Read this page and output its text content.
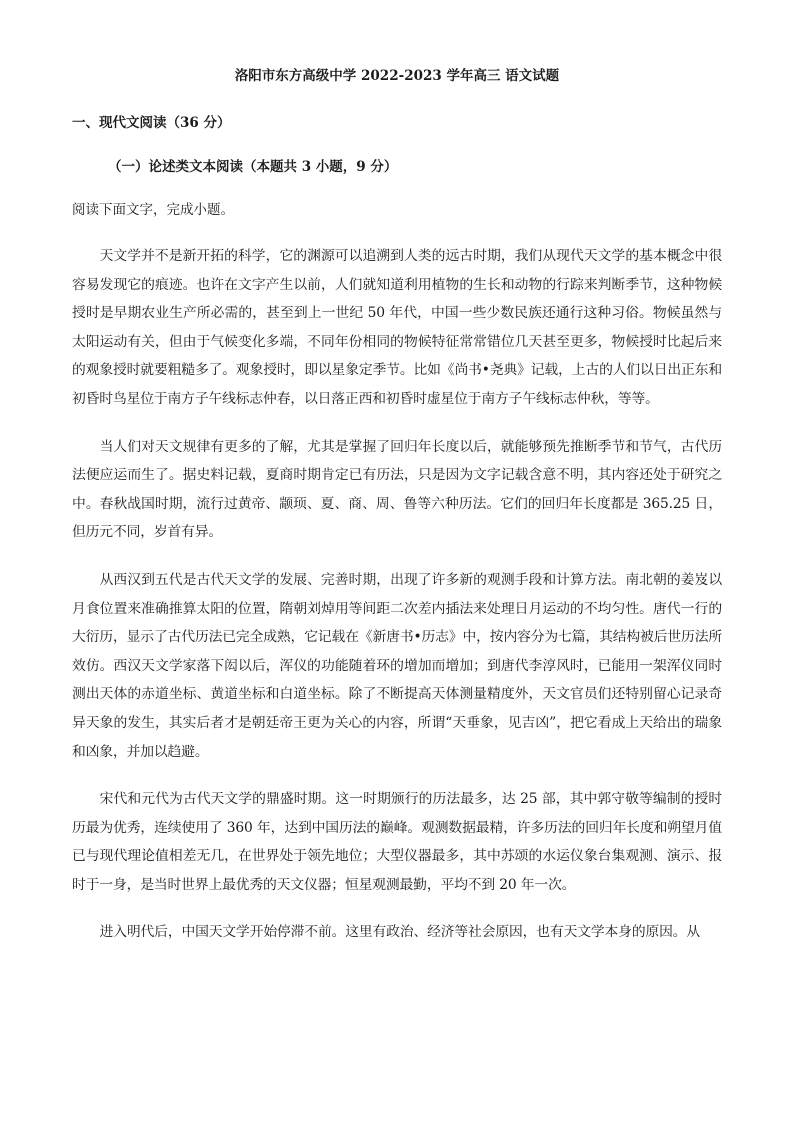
洛阳市东方高级中学 2022-2023 学年高三 语文试题
一、现代文阅读（36 分）
（一）论述类文本阅读（本题共 3 小题，9 分）
阅读下面文字，完成小题。

天文学并不是新开拓的科学，它的渊源可以追溯到人类的远古时期，我们从现代天文学的基本概念中很容易发现它的痕迹。也许在文字产生以前，人们就知道利用植物的生长和动物的行踪来判断季节，这种物候授时是早期农业生产所必需的，甚至到上一世纪 50 年代，中国一些少数民族还通行这种习俗。物候虽然与太阳运动有关，但由于气候变化多端，不同年份相同的物候特征常常错位几天甚至更多，物候授时比起后来的观象授时就要粗糙多了。观象授时，即以星象定季节。比如《尚书•尧典》记载，上古的人们以日出正东和初昏时鸟星位于南方子午线标志仲春，以日落正西和初昏时虚星位于南方子午线标志仲秋，等等。

当人们对天文规律有更多的了解，尤其是掌握了回归年长度以后，就能够预先推断季节和节气，古代历法便应运而生了。据史料记载，夏商时期肯定已有历法，只是因为文字记载含意不明，其内容还处于研究之中。春秋战国时期，流行过黄帝、颛顼、夏、商、周、鲁等六种历法。它们的回归年长度都是 365.25 日，但历元不同，岁首有异。

从西汉到五代是古代天文学的发展、完善时期，出现了许多新的观测手段和计算方法。南北朝的姜岌以月食位置来准确推算太阳的位置，隋朝刘焯用等间距二次差内插法来处理日月运动的不均匀性。唐代一行的大衍历，显示了古代历法已完全成熟，它记载在《新唐书•历志》中，按内容分为七篇，其结构被后世历法所效仿。西汉天文学家落下闳以后，浑仪的功能随着环的增加而增加；到唐代李淳风时，已能用一架浑仪同时测出天体的赤道坐标、黄道坐标和白道坐标。除了不断提高天体测量精度外，天文官员们还特别留心记录奇异天象的发生，其实后者才是朝廷帝王更为关心的内容，所谓“天垂象，见吉凶”，把它看成上天给出的瑞象和凶象，并加以趋避。

宋代和元代为古代天文学的鼎盛时期。这一时期颁行的历法最多，达 25 部，其中郭守敬等编制的授时历最为优秀，连续使用了 360 年，达到中国历法的巅峰。观测数据最精，许多历法的回归年长度和朔望月值已与现代理论值相差无几，在世界处于领先地位；大型仪器最多，其中苏颂的水运仪象台集观测、演示、报时于一身，是当时世界上最优秀的天文仪器；恒星观测最勤，平均不到 20 年一次。

进入明代后，中国天文学开始停滞不前。这里有政治、经济等社会原因，也有天文学本身的原因。从
